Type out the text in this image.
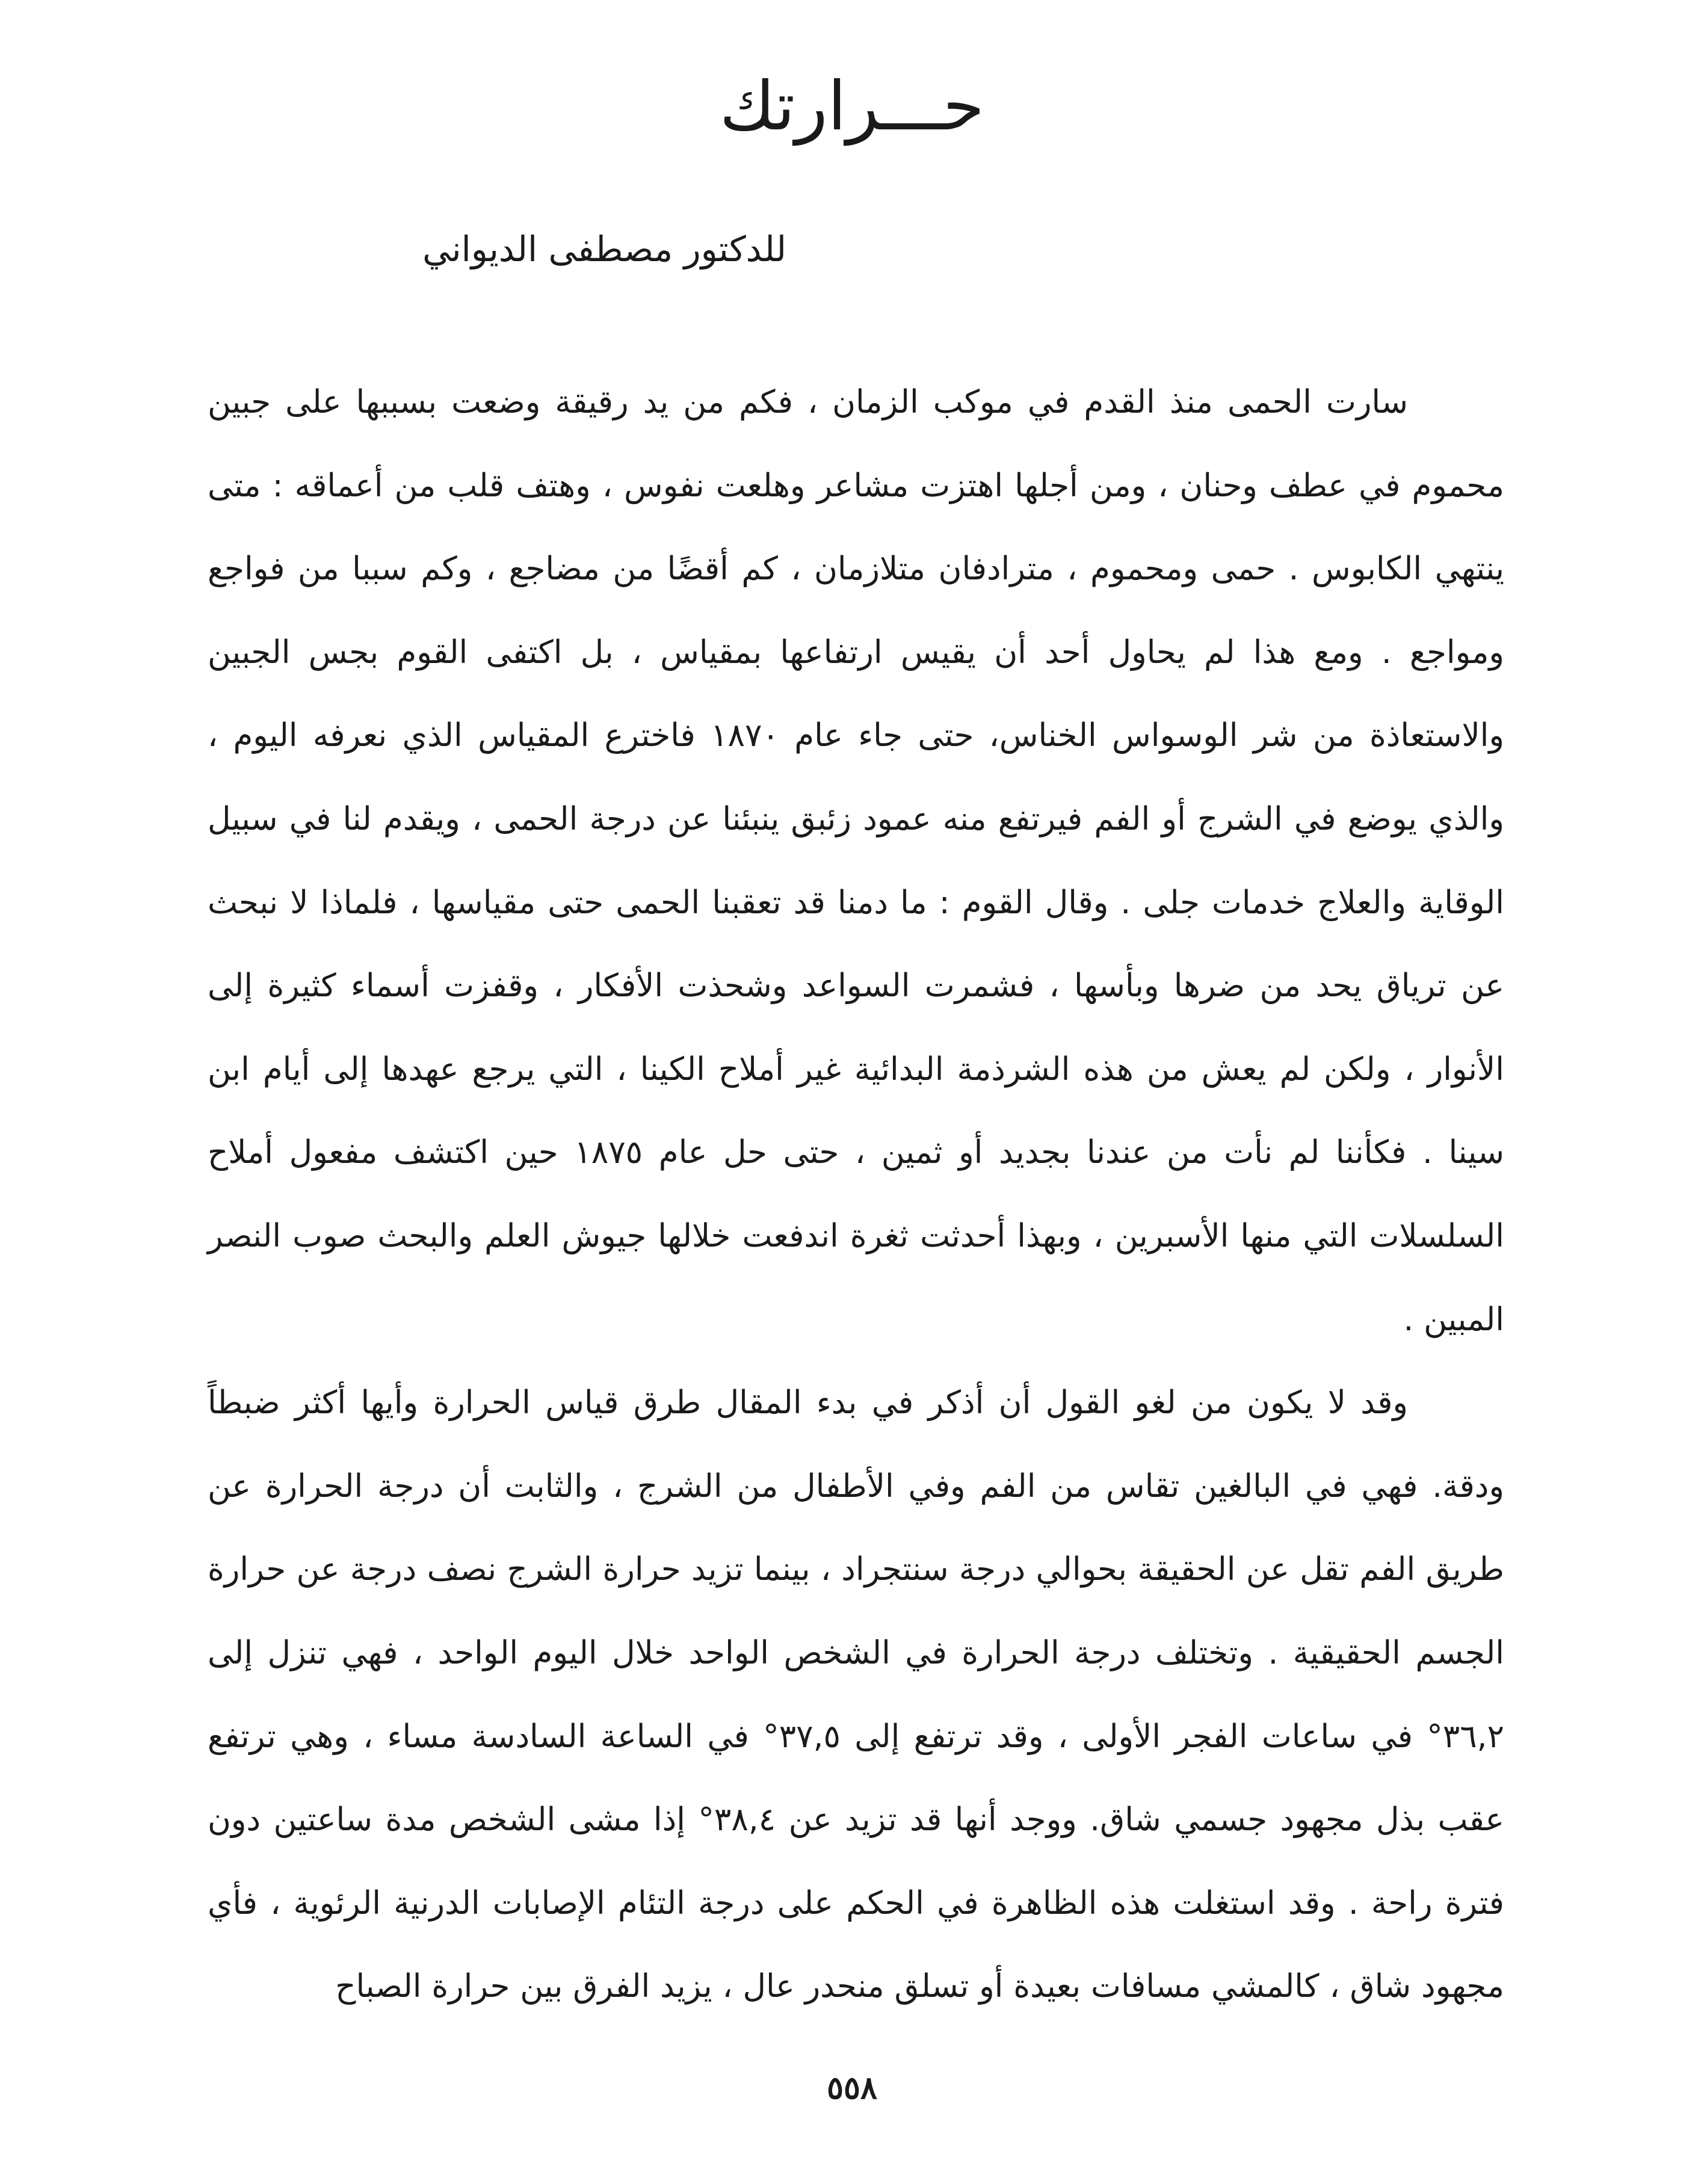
حـــرارتك
للدكتور مصطفى الديواني

سارت الحمى منذ القدم في موكب الزمان ، فكم من يد رقيقة وضعت بسببها على جبين محموم في عطف وحنان ، ومن أجلها اهتزت مشاعر وهلعت نفوس ، وهتف قلب من أعماقه : متى ينتهي الكابوس . حمى ومحموم ، مترادفان متلازمان ، كم أقضًا من مضاجع ، وكم سببا من فواجع ومواجع . ومع هذا لم يحاول أحد أن يقيس ارتفاعها بمقياس ، بل اكتفى القوم بجس الجبين والاستعاذة من شر الوسواس الخناس، حتى جاء عام ١٨٧٠ فاخترع المقياس الذي نعرفه اليوم ، والذي يوضع في الشرج أو الفم فيرتفع منه عمود زئبق ينبئنا عن درجة الحمى ، ويقدم لنا في سبيل الوقاية والعلاج خدمات جلى . وقال القوم : ما دمنا قد تعقبنا الحمى حتى مقياسها ، فلماذا لا نبحث عن ترياق يحد من ضرها وبأسها ، فشمرت السواعد وشحذت الأفكار ، وقفزت أسماء كثيرة إلى الأنوار ، ولكن لم يعش من هذه الشرذمة البدائية غير أملاح الكينا ، التي يرجع عهدها إلى أيام ابن سينا . فكأننا لم نأت من عندنا بجديد أو ثمين ، حتى حل عام ١٨٧٥ حين اكتشف مفعول أملاح السلسلات التي منها الأسبرين ، وبهذا أحدثت ثغرة اندفعت خلالها جيوش العلم والبحث صوب النصر المبين .

وقد لا يكون من لغو القول أن أذكر في بدء المقال طرق قياس الحرارة وأيها أكثر ضبطاً ودقة. فهي في البالغين تقاس من الفم وفي الأطفال من الشرج ، والثابت أن درجة الحرارة عن طريق الفم تقل عن الحقيقة بحوالي درجة سنتجراد ، بينما تزيد حرارة الشرج نصف درجة عن حرارة الجسم الحقيقية . وتختلف درجة الحرارة في الشخص الواحد خلال اليوم الواحد ، فهي تنزل إلى ٣٦,٢° في ساعات الفجر الأولى ، وقد ترتفع إلى ٣٧,٥° في الساعة السادسة مساء ، وهي ترتفع عقب بذل مجهود جسمي شاق. ووجد أنها قد تزيد عن ٣٨,٤° إذا مشى الشخص مدة ساعتين دون فترة راحة . وقد استغلت هذه الظاهرة في الحكم على درجة التئام الإصابات الدرنية الرئوية ، فأي مجهود شاق ، كالمشي مسافات بعيدة أو تسلق منحدر عال ، يزيد الفرق بين حرارة الصباح

٥٥٨
